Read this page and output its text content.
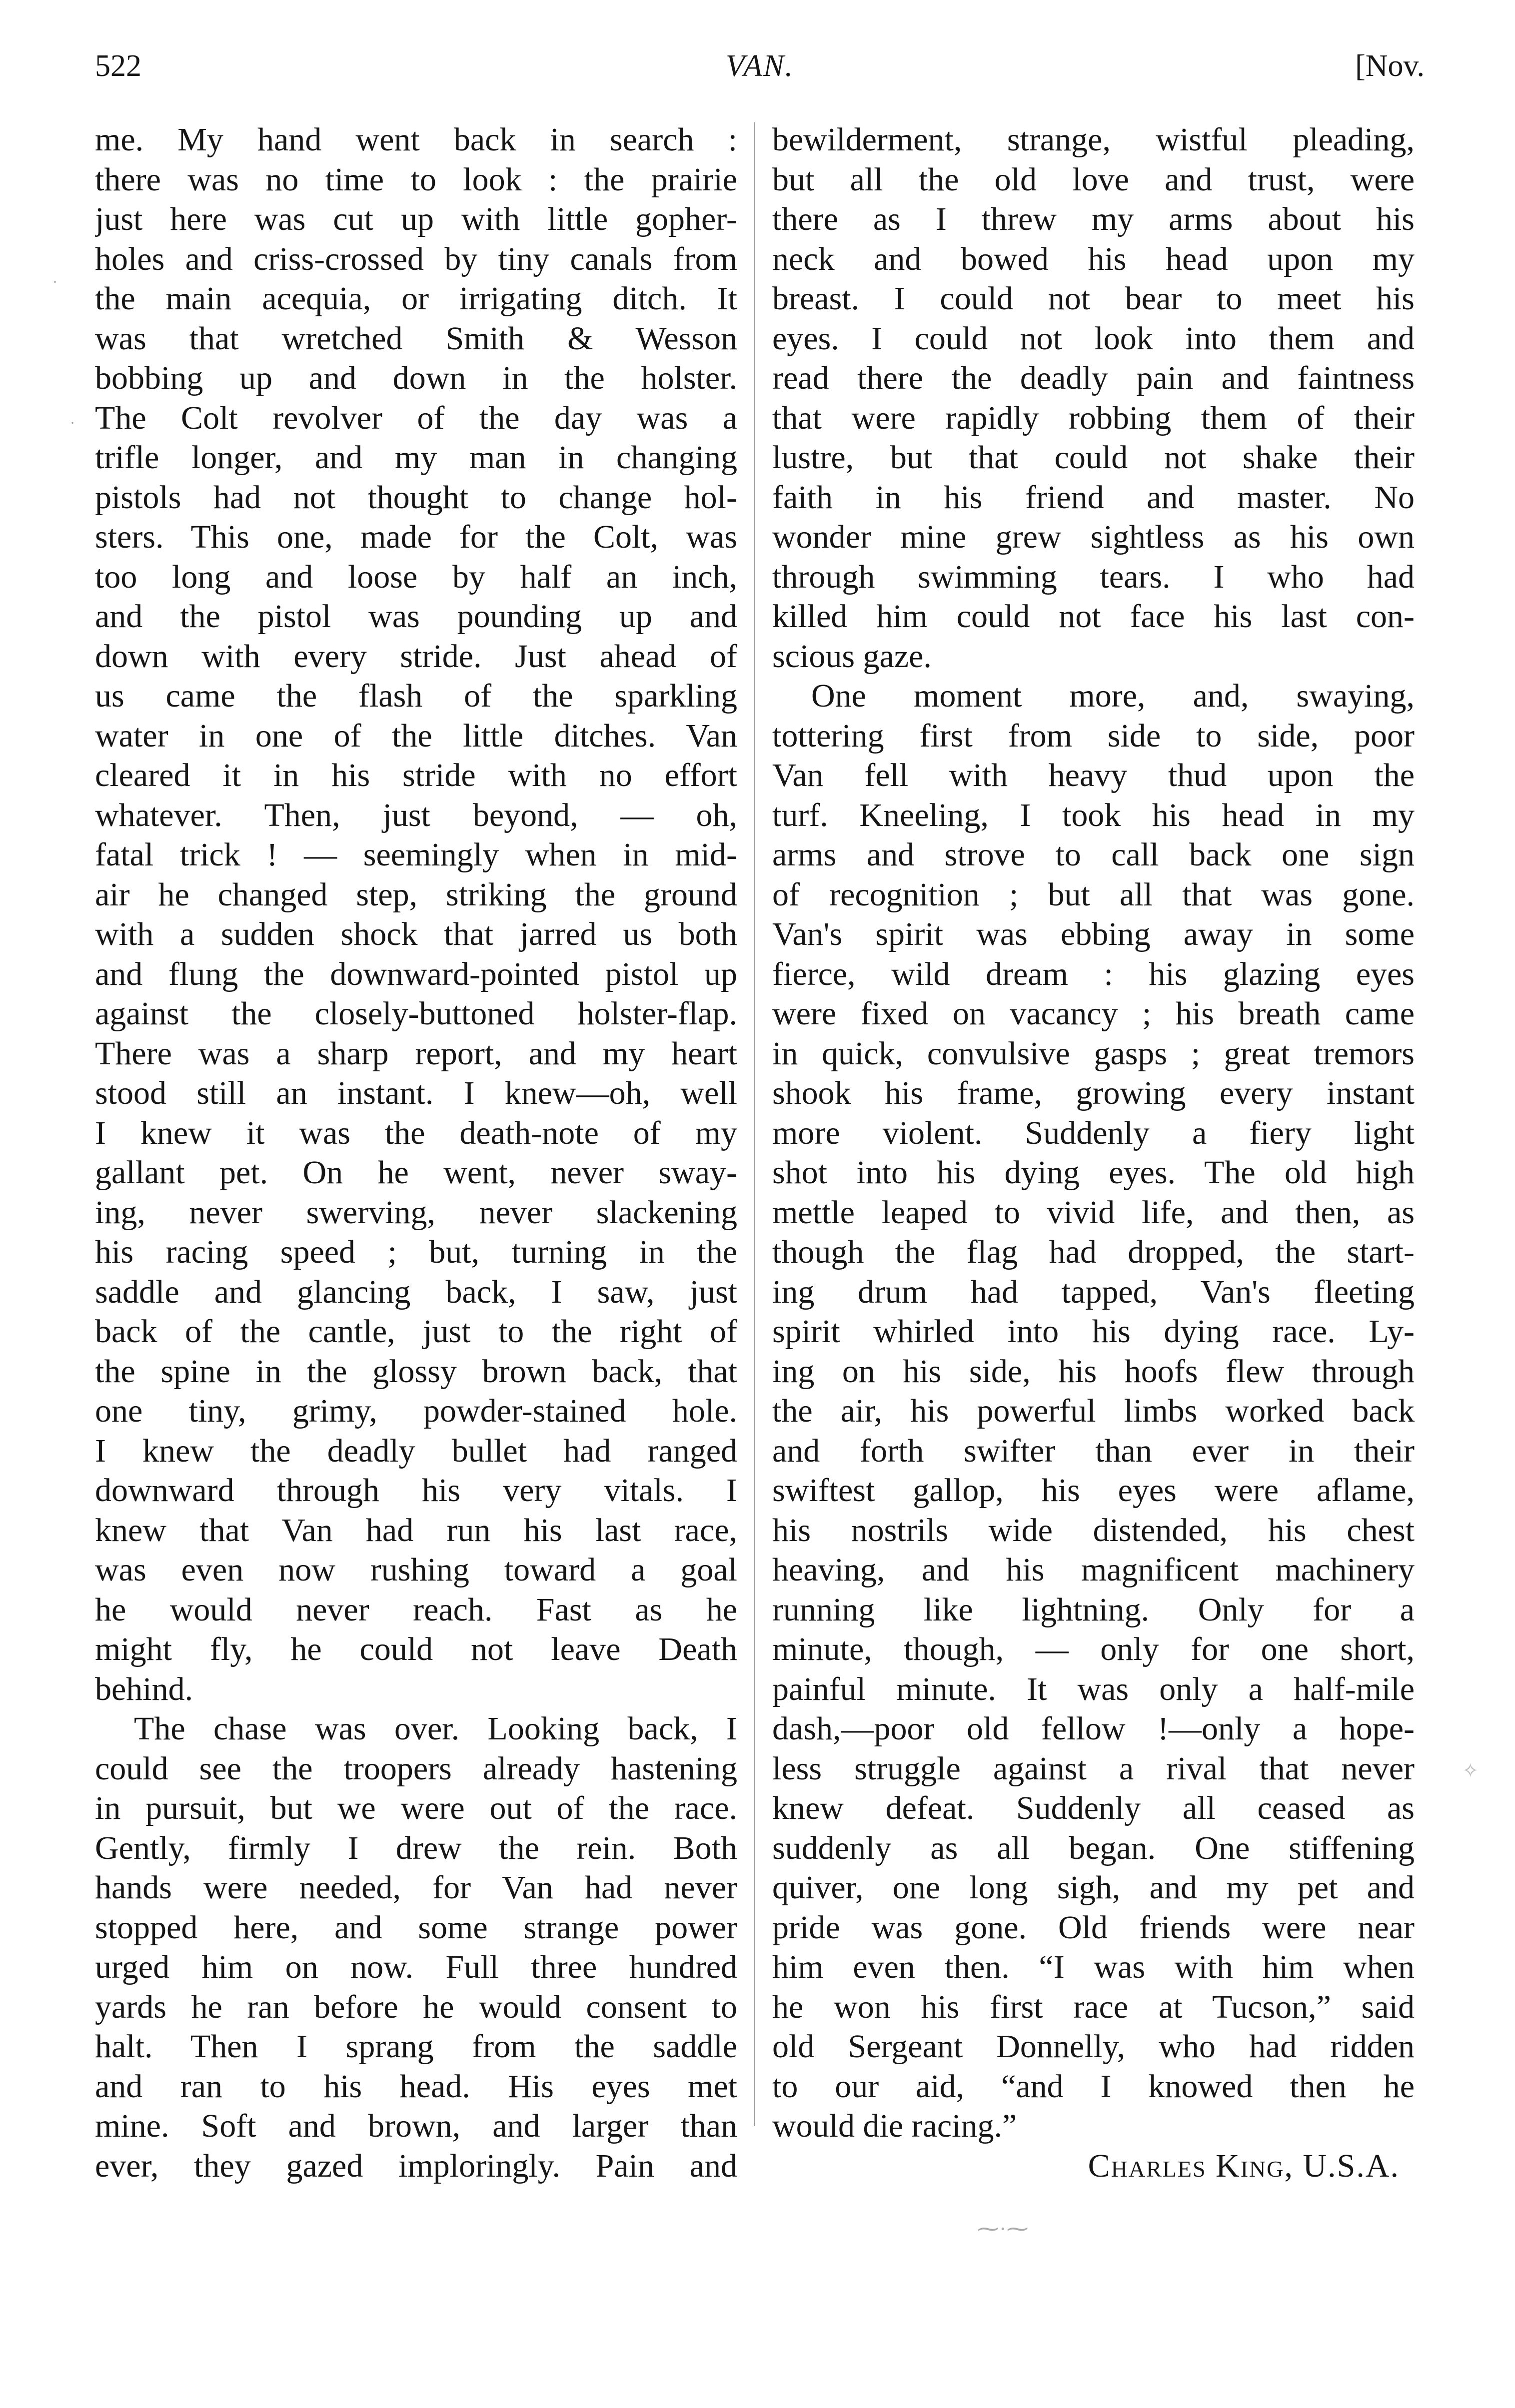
522	VAN.	[Nov.
me. My hand went back in search :
there was no time to look : the prairie
just here was cut up with little gopher-
holes and criss-crossed by tiny canals from
the main acequia, or irrigating ditch. It
was that wretched Smith & Wesson
bobbing up and down in the holster.
The Colt revolver of the day was a
trifle longer, and my man in changing
pistols had not thought to change hol-
sters. This one, made for the Colt, was
too long and loose by half an inch,
and the pistol was pounding up and
down with every stride. Just ahead of
us came the flash of the sparkling
water in one of the little ditches. Van
cleared it in his stride with no effort
whatever. Then, just beyond, — oh,
fatal trick ! — seemingly when in mid-
air he changed step, striking the ground
with a sudden shock that jarred us both
and flung the downward-pointed pistol up
against the closely-buttoned holster-flap.
There was a sharp report, and my heart
stood still an instant. I knew—oh, well
I knew it was the death-note of my
gallant pet. On he went, never sway-
ing, never swerving, never slackening
his racing speed ; but, turning in the
saddle and glancing back, I saw, just
back of the cantle, just to the right of
the spine in the glossy brown back, that
one tiny, grimy, powder-stained hole.
I knew the deadly bullet had ranged
downward through his very vitals. I
knew that Van had run his last race,
was even now rushing toward a goal
he would never reach. Fast as he
might fly, he could not leave Death
behind.
The chase was over. Looking back, I
could see the troopers already hastening
in pursuit, but we were out of the race.
Gently, firmly I drew the rein. Both
hands were needed, for Van had never
stopped here, and some strange power
urged him on now. Full three hundred
yards he ran before he would consent to
halt. Then I sprang from the saddle
and ran to his head. His eyes met
mine. Soft and brown, and larger than
ever, they gazed imploringly. Pain and
bewilderment, strange, wistful pleading,
but all the old love and trust, were
there as I threw my arms about his
neck and bowed his head upon my
breast. I could not bear to meet his
eyes. I could not look into them and
read there the deadly pain and faintness
that were rapidly robbing them of their
lustre, but that could not shake their
faith in his friend and master. No
wonder mine grew sightless as his own
through swimming tears. I who had
killed him could not face his last con-
scious gaze.
One moment more, and, swaying,
tottering first from side to side, poor
Van fell with heavy thud upon the
turf. Kneeling, I took his head in my
arms and strove to call back one sign
of recognition ; but all that was gone.
Van's spirit was ebbing away in some
fierce, wild dream : his glazing eyes
were fixed on vacancy ; his breath came
in quick, convulsive gasps ; great tremors
shook his frame, growing every instant
more violent. Suddenly a fiery light
shot into his dying eyes. The old high
mettle leaped to vivid life, and then, as
though the flag had dropped, the start-
ing drum had tapped, Van's fleeting
spirit whirled into his dying race. Ly-
ing on his side, his hoofs flew through
the air, his powerful limbs worked back
and forth swifter than ever in their
swiftest gallop, his eyes were aflame,
his nostrils wide distended, his chest
heaving, and his magnificent machinery
running like lightning. Only for a
minute, though, — only for one short,
painful minute. It was only a half-mile
dash,—poor old fellow !—only a hope-
less struggle against a rival that never
knew defeat. Suddenly all ceased as
suddenly as all began. One stiffening
quiver, one long sigh, and my pet and
pride was gone. Old friends were near
him even then. “I was with him when
he won his first race at Tucson,” said
old Sergeant Donnelly, who had ridden
to our aid, “and I knowed then he
would die racing.”
Charles King, U.S.A.
·
·
✧
⁓·⁓
